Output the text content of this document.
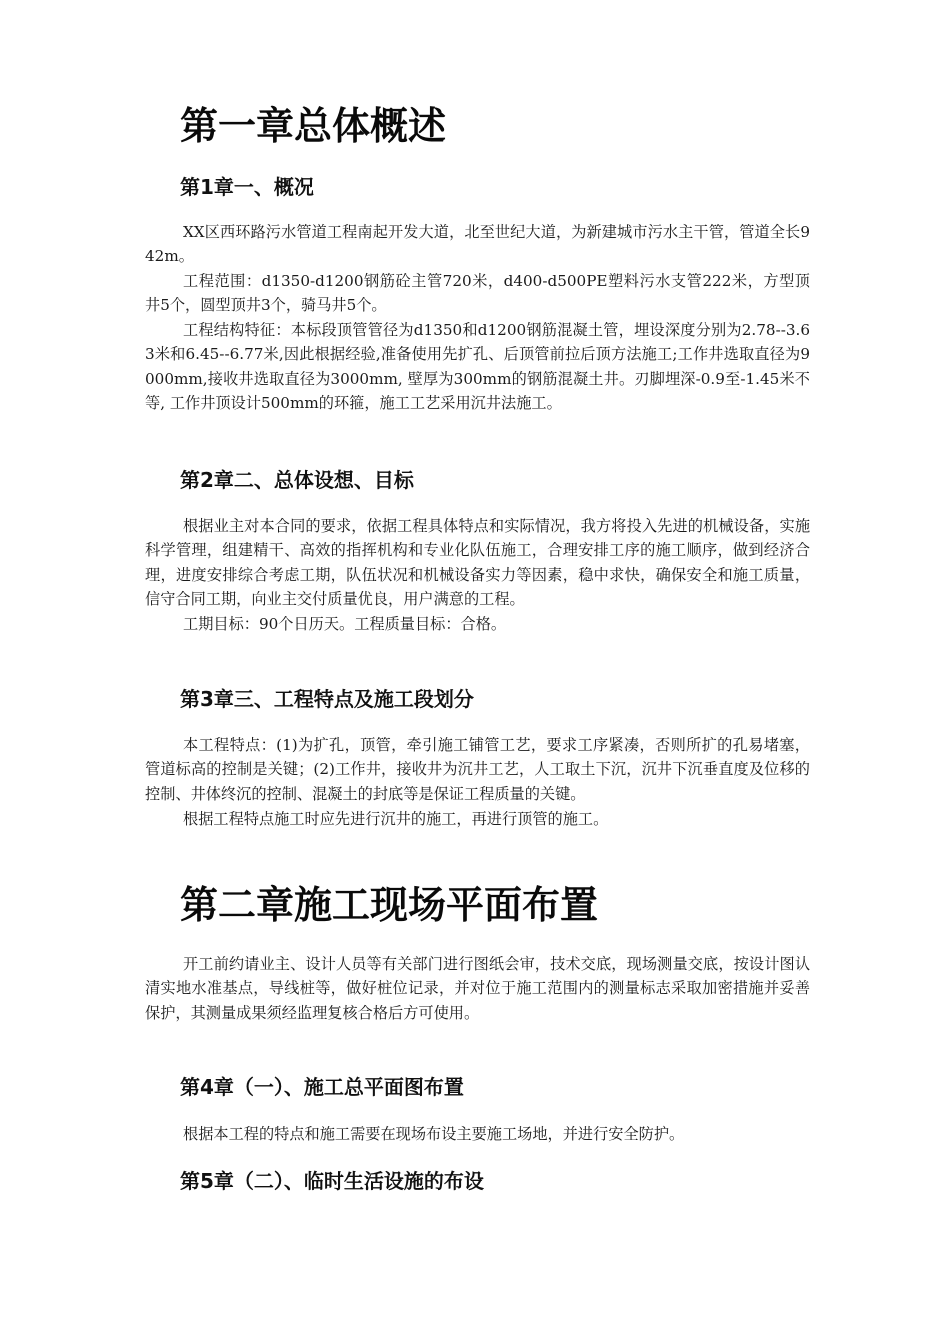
第一章总体概述
第1章一、概况

XX区西环路污水管道工程南起开发大道，北至世纪大道，为新建城市污水主干管，管道全长942m。

工程范围：d1350-d1200钢筋砼主管720米，d400-d500PE塑料污水支管222米，方型顶井5个，圆型顶井3个，骑马井5个。

工程结构特征：本标段顶管管径为d1350和d1200钢筋混凝土管，埋设深度分别为2.78--3.63米和6.45--6.77米,因此根据经验,准备使用先扩孔、后顶管前拉后顶方法施工;工作井选取直径为9000mm,接收井选取直径为3000mm, 壁厚为300mm的钢筋混凝土井。刃脚埋深-0.9至-1.45米不等, 工作井顶设计500mm的环箍，施工工艺采用沉井法施工。

第2章二、总体设想、目标

根据业主对本合同的要求，依据工程具体特点和实际情况，我方将投入先进的机械设备，实施科学管理，组建精干、高效的指挥机构和专业化队伍施工，合理安排工序的施工顺序，做到经济合理，进度安排综合考虑工期，队伍状况和机械设备实力等因素，稳中求快，确保安全和施工质量，信守合同工期，向业主交付质量优良，用户满意的工程。

工期目标：90个日历天。工程质量目标：合格。

第3章三、工程特点及施工段划分

本工程特点：(1)为扩孔，顶管，牵引施工铺管工艺，要求工序紧凑，否则所扩的孔易堵塞，管道标高的控制是关键；(2)工作井，接收井为沉井工艺，人工取土下沉，沉井下沉垂直度及位移的控制、井体终沉的控制、混凝土的封底等是保证工程质量的关键。

根据工程特点施工时应先进行沉井的施工，再进行顶管的施工。

第二章施工现场平面布置

开工前约请业主、设计人员等有关部门进行图纸会审，技术交底，现场测量交底，按设计图认清实地水准基点，导线桩等，做好桩位记录，并对位于施工范围内的测量标志采取加密措施并妥善保护，其测量成果须经监理复核合格后方可使用。

第4章（一）、施工总平面图布置

根据本工程的特点和施工需要在现场布设主要施工场地，并进行安全防护。

第5章（二）、临时生活设施的布设
